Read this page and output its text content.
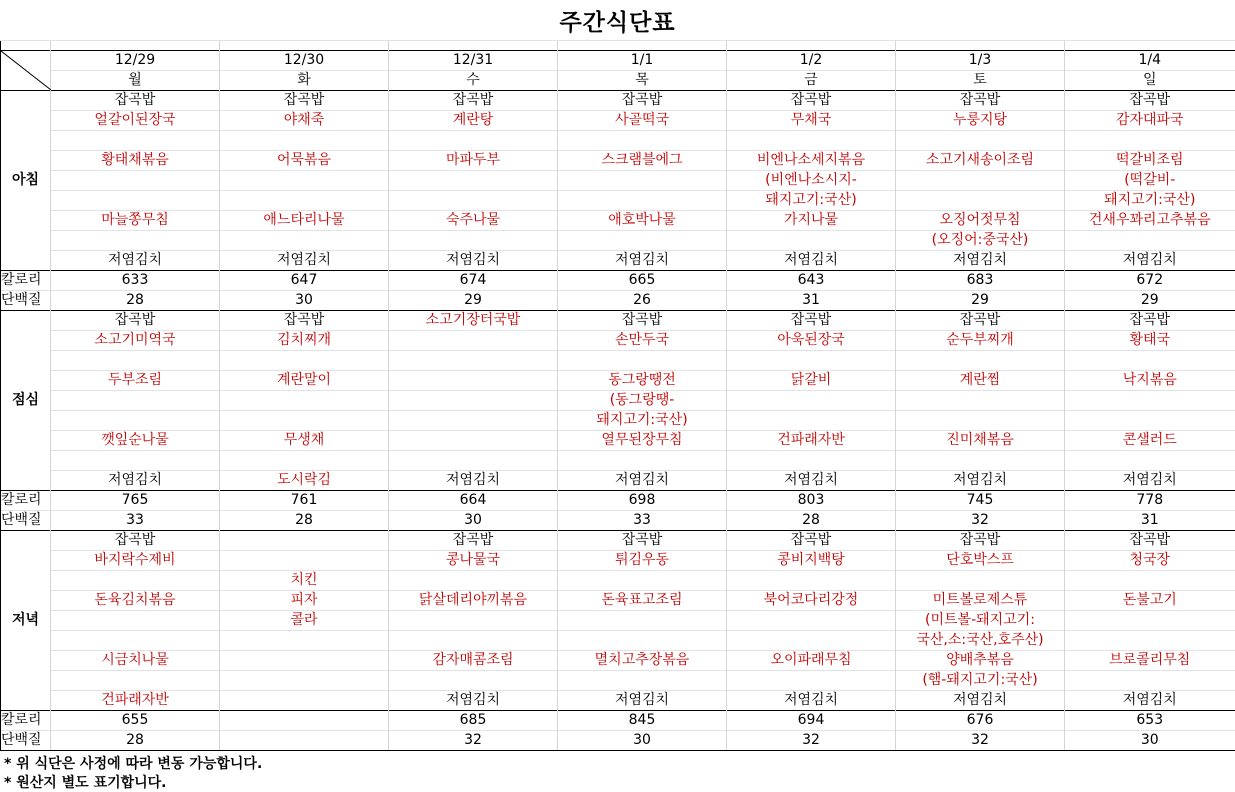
주간식단표

	12/29	12/30	12/31	1/1	1/2	1/3	1/4
	월	화	수	목	금	토	일
아침	잡곡밥	잡곡밥	잡곡밥	잡곡밥	잡곡밥	잡곡밥	잡곡밥
	얼갈이된장국	야채죽	계란탕	사골떡국	무채국	누룽지탕	감자대파국

	황태채볶음	어묵볶음	마파두부	스크램블에그	비엔나소세지볶음	소고기새송이조림	떡갈비조림
					(비엔나소시지-		(떡갈비-
					돼지고기:국산)		돼지고기:국산)
	마늘쫑무침	애느타리나물	숙주나물	애호박나물	가지나물	오징어젓무침	건새우꽈리고추볶음
						(오징어:중국산)	
	저염김치	저염김치	저염김치	저염김치	저염김치	저염김치	저염김치
칼로리	633	647	674	665	643	683	672
단백질	28	30	29	26	31	29	29
점심	잡곡밥	잡곡밥	소고기장터국밥	잡곡밥	잡곡밥	잡곡밥	잡곡밥
	소고기미역국	김치찌개		손만두국	아욱된장국	순두부찌개	황태국

	두부조림	계란말이		동그랑땡전	닭갈비	계란찜	낙지볶음
				(동그랑땡-			
				돼지고기:국산)			
	깻잎순나물	무생채		열무된장무침	건파래자반	진미채볶음	콘샐러드

	저염김치	도시락김	저염김치	저염김치	저염김치	저염김치	저염김치
칼로리	765	761	664	698	803	745	778
단백질	33	28	30	33	28	32	31
저녁	잡곡밥		잡곡밥	잡곡밥	잡곡밥	잡곡밥	잡곡밥
	바지락수제비		콩나물국	튀김우동	콩비지백탕	단호박스프	청국장
		치킨					
	돈육김치볶음	피자	닭살데리야끼볶음	돈육표고조림	북어코다리강정	미트볼로제스튜	돈불고기
		콜라				(미트볼-돼지고기:	
						국산,소:국산,호주산)	
	시금치나물		감자매콤조림	멸치고추장볶음	오이파래무침	양배추볶음	브로콜리무침
						(햄-돼지고기:국산)	
	건파래자반		저염김치	저염김치	저염김치	저염김치	저염김치
칼로리	655		685	845	694	676	653
단백질	28		32	30	32	32	30
* 위 식단은 사정에 따라 변동 가능합니다.
* 원산지 별도 표기합니다.
